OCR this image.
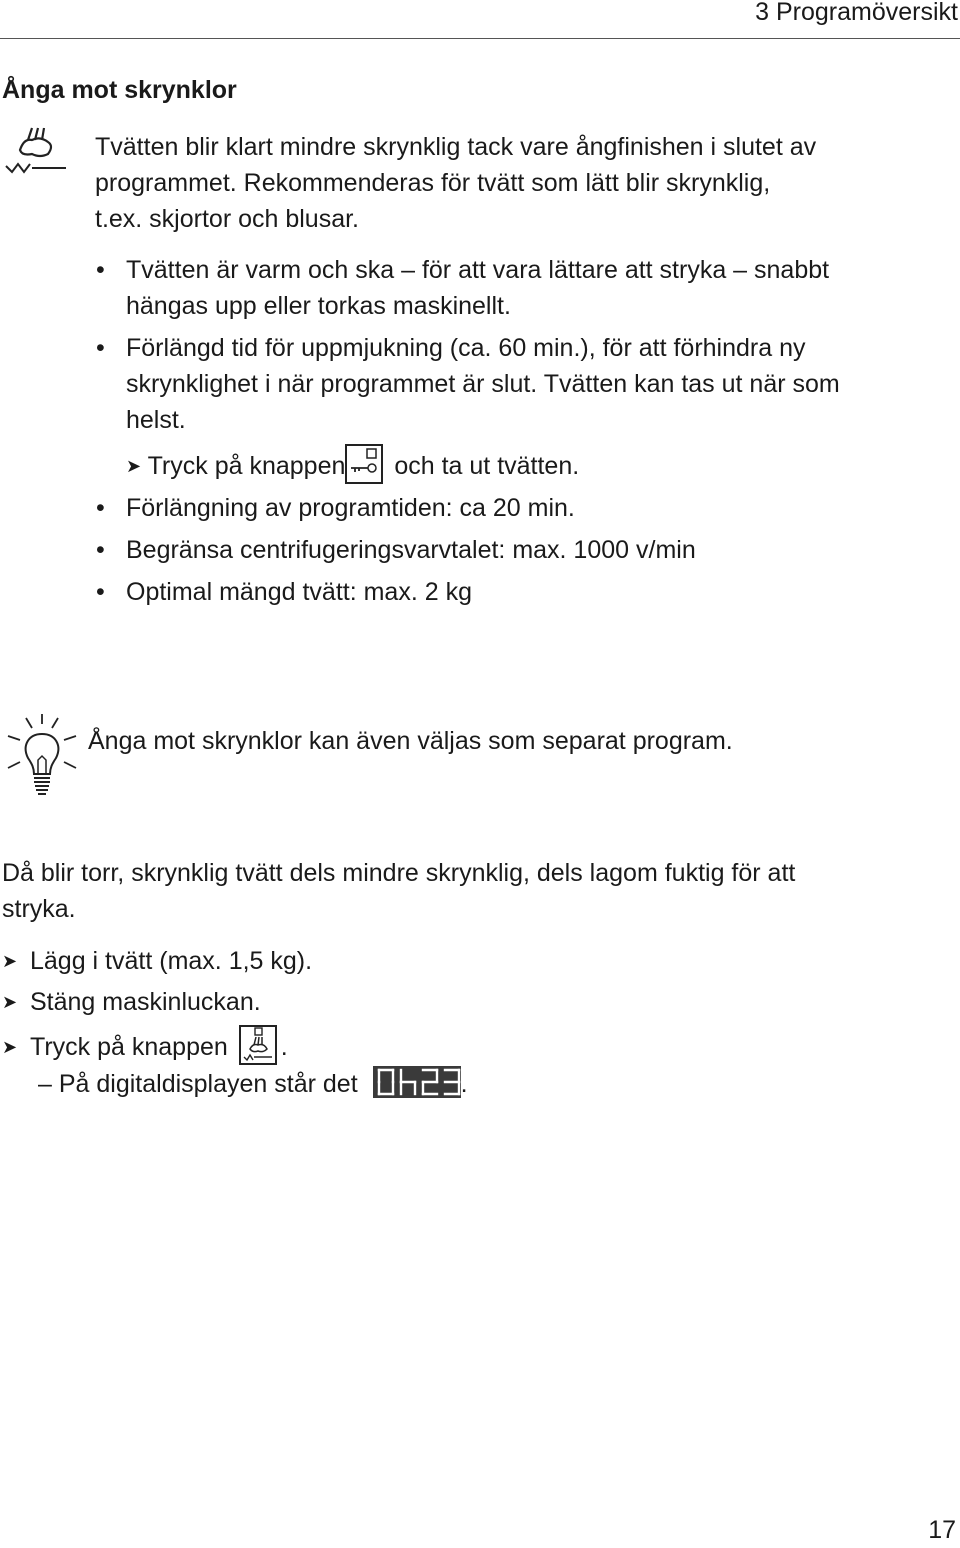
3 Programöversikt
Ånga mot skrynklor
Tvätten blir klart mindre skrynklig tack vare ångfinishen i slutet av
programmet. Rekommenderas för tvätt som lätt blir skrynklig,
t.ex. skjortor och blusar.
• Tvätten är varm och ska – för att vara lättare att stryka – snabbt
hängas upp eller torkas maskinellt.
• Förlängd tid för uppmjukning (ca. 60 min.), för att förhindra ny
skrynklighet i när programmet är slut. Tvätten kan tas ut när som
helst.
➤ Tryck på knappen och ta ut tvätten.
• Förlängning av programtiden: ca 20 min.
• Begränsa centrifugeringsvarvtalet: max. 1000 v/min
• Optimal mängd tvätt: max. 2 kg
Ånga mot skrynklor kan även väljas som separat program.
Då blir torr, skrynklig tvätt dels mindre skrynklig, dels lagom fuktig för att
stryka.
➤ Lägg i tvätt (max. 1,5 kg).
➤ Stäng maskinluckan.
➤ Tryck på knappen .
– På digitaldisplayen står det	.
17
